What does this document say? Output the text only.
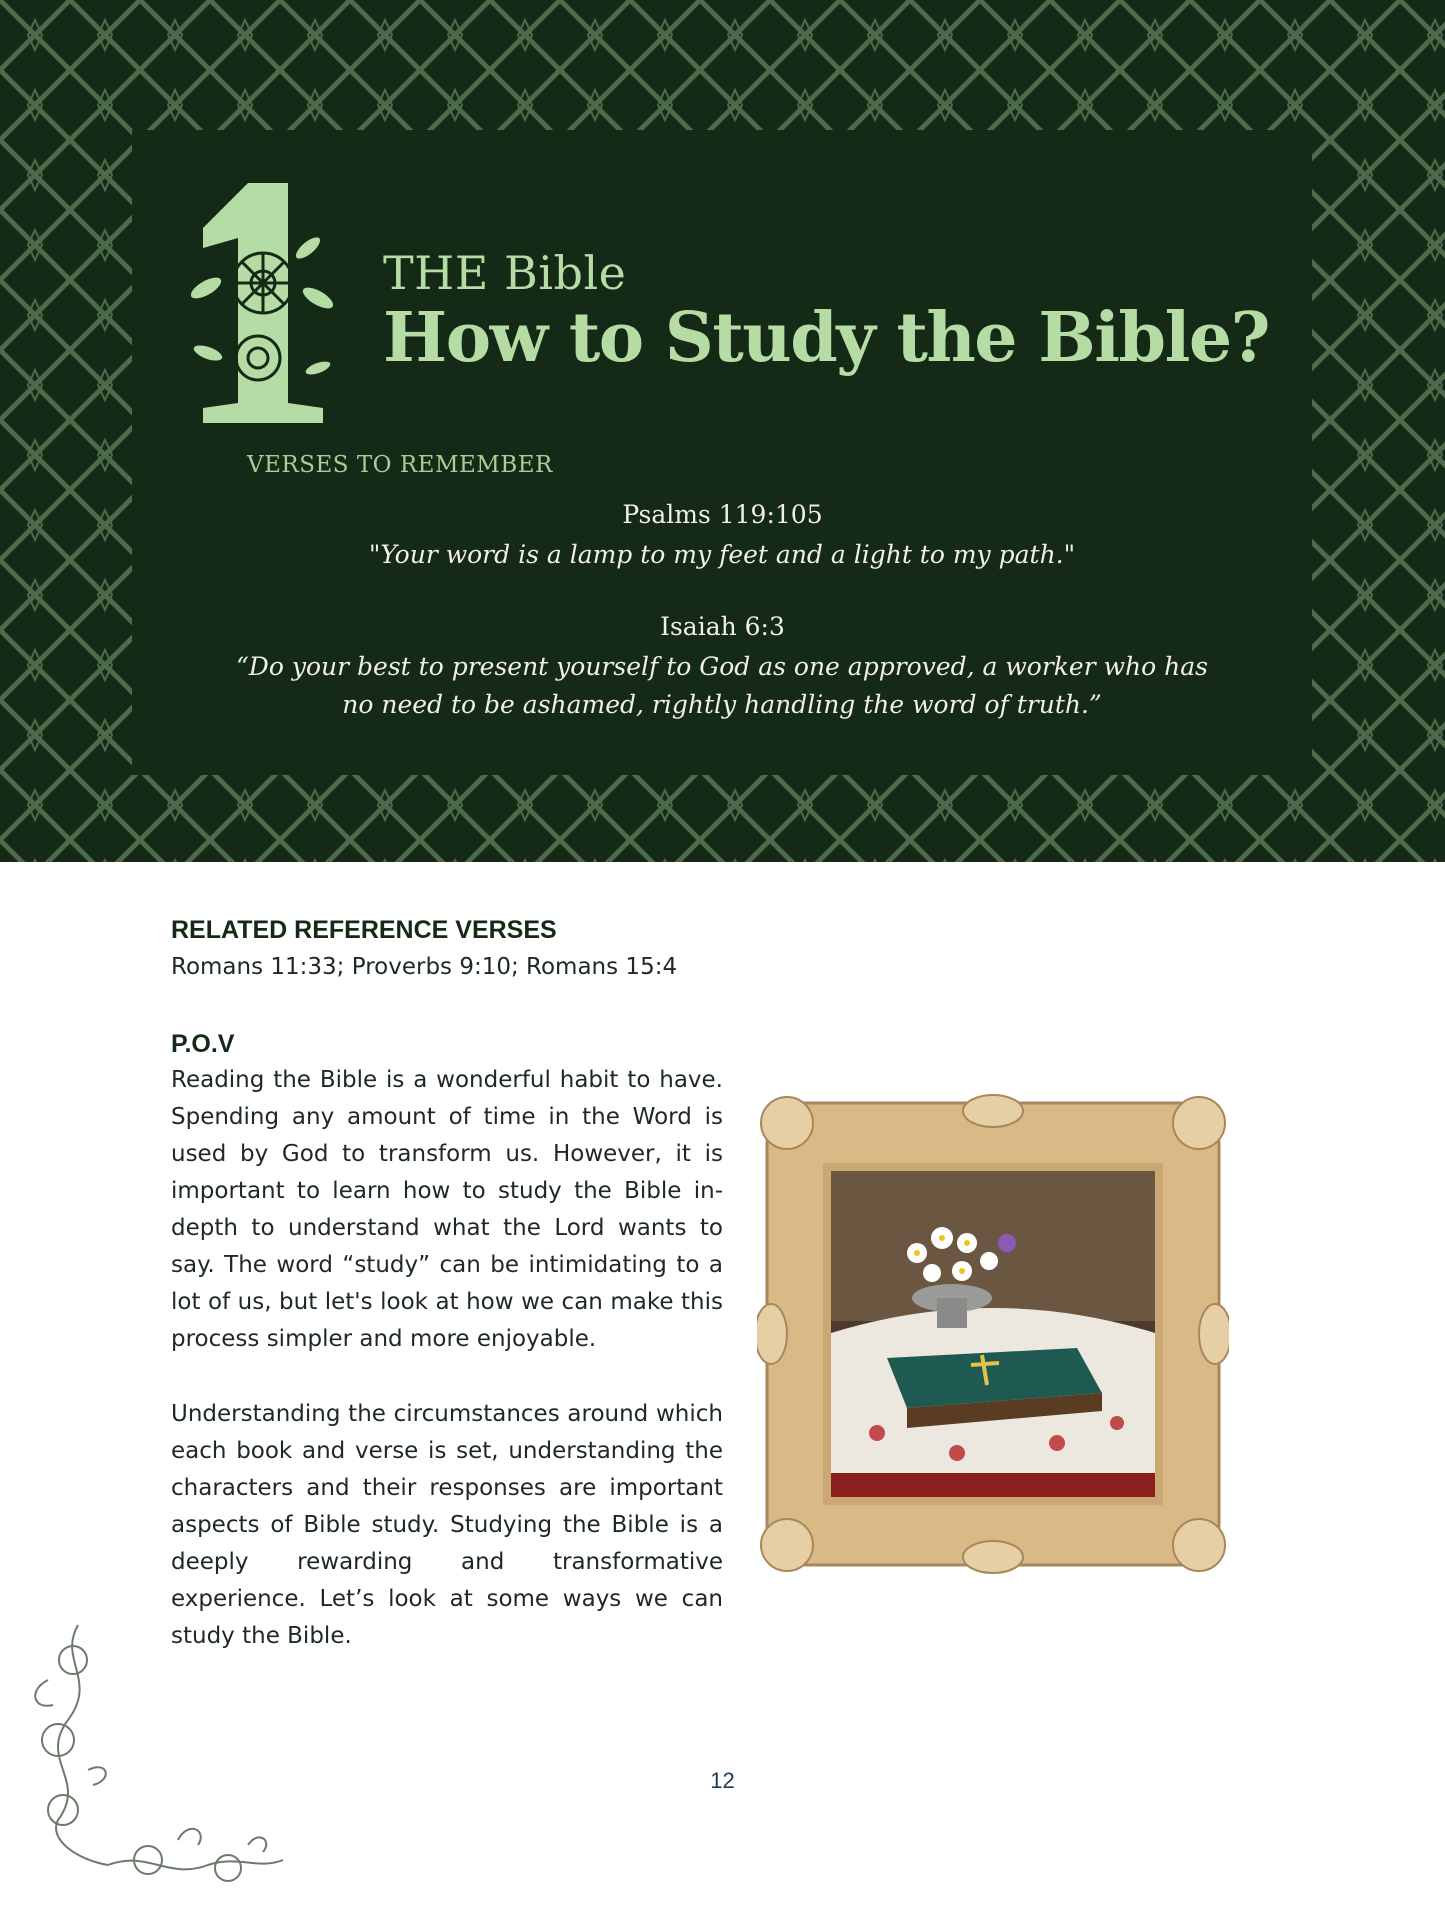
THE Bible
How to Study the Bible?
VERSES TO REMEMBER
Psalms 119:105
"Your word is a lamp to my feet and a light to my path."
Isaiah 6:3
“Do your best to present yourself to God as one approved, a worker who has no need to be ashamed, rightly handling the word of truth.”
RELATED REFERENCE VERSES
Romans 11:33; Proverbs 9:10; Romans 15:4
P.O.V

Reading the Bible is a wonderful habit to have. Spending any amount of time in the Word is used by God to transform us. However, it is important to learn how to study the Bible in-depth to understand what the Lord wants to say. The word “study” can be intimidating to a lot of us, but let's look at how we can make this process simpler and more enjoyable.

Understanding the circumstances around which each book and verse is set, understanding the characters and their responses are important aspects of Bible study. Studying the Bible is a deeply rewarding and transformative experience. Let’s look at some ways we can study the Bible.

12
